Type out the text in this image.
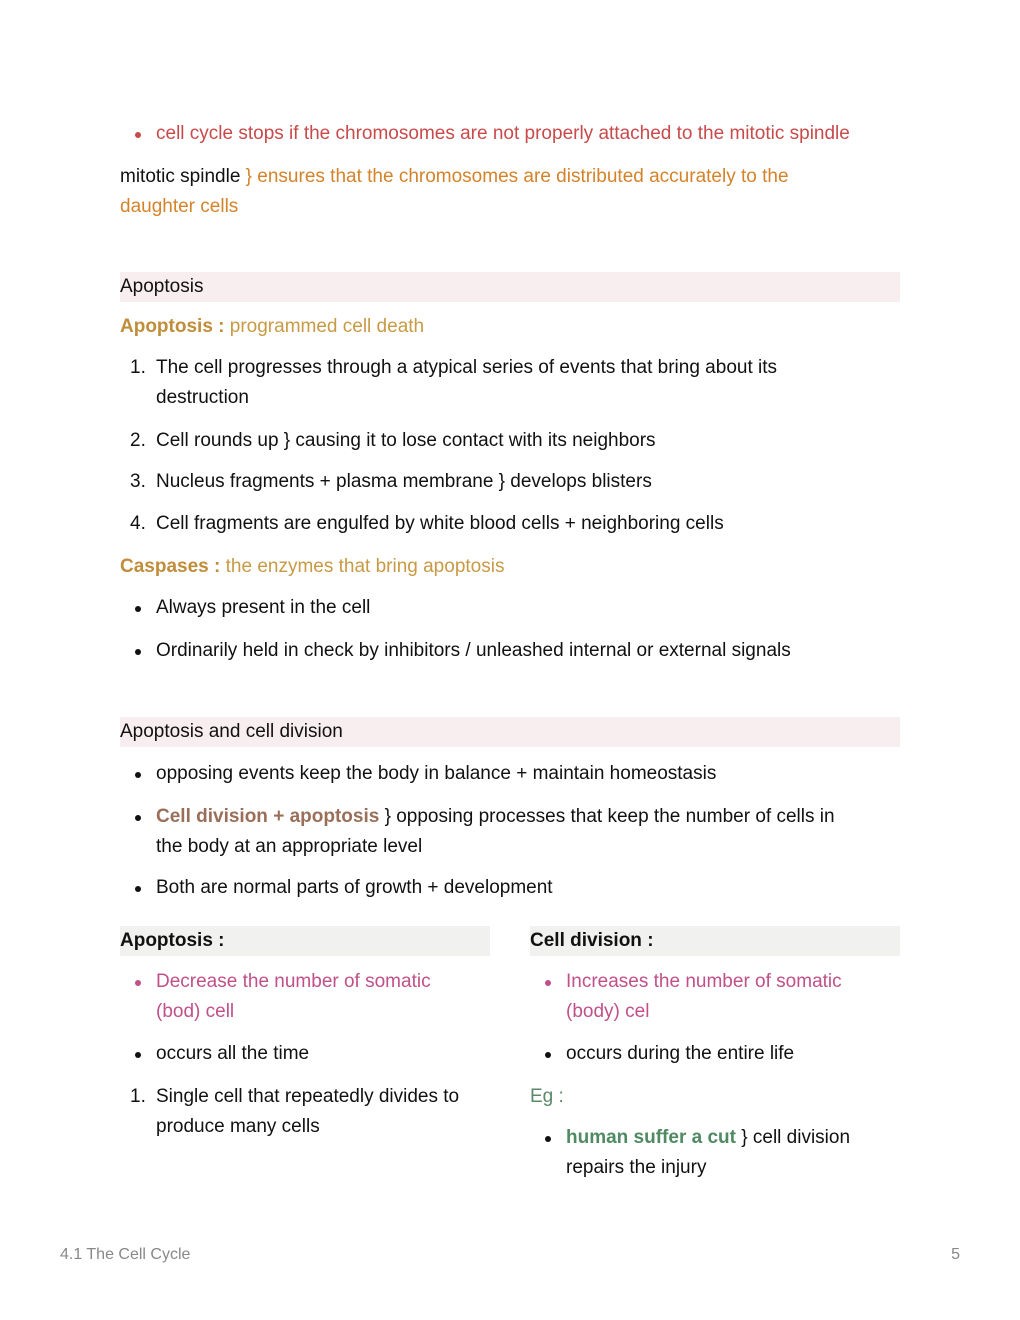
cell cycle stops if the chromosomes are not properly attached to the mitotic spindle
mitotic spindle } ensures that the chromosomes are distributed accurately to the
daughter cells
Apoptosis
Apoptosis : programmed cell death
1. The cell progresses through a atypical series of events that bring about its
destruction
2. Cell rounds up } causing it to lose contact with its neighbors
3. Nucleus fragments + plasma membrane } develops blisters
4. Cell fragments are engulfed by white blood cells + neighboring cells
Caspases : the enzymes that bring apoptosis
Always present in the cell
Ordinarily held in check by inhibitors / unleashed internal or external signals
Apoptosis and cell division
opposing events keep the body in balance + maintain homeostasis
Cell division + apoptosis } opposing processes that keep the number of cells in
the body at an appropriate level
Both are normal parts of growth + development
Apoptosis :
Decrease the number of somatic
(bod) cell
occurs all the time
1. Single cell that repeatedly divides to
produce many cells
Cell division :
Increases the number of somatic
(body) cel
occurs during the entire life
Eg :
human suffer a cut } cell division
repairs the injury
4.1 The Cell Cycle	5
